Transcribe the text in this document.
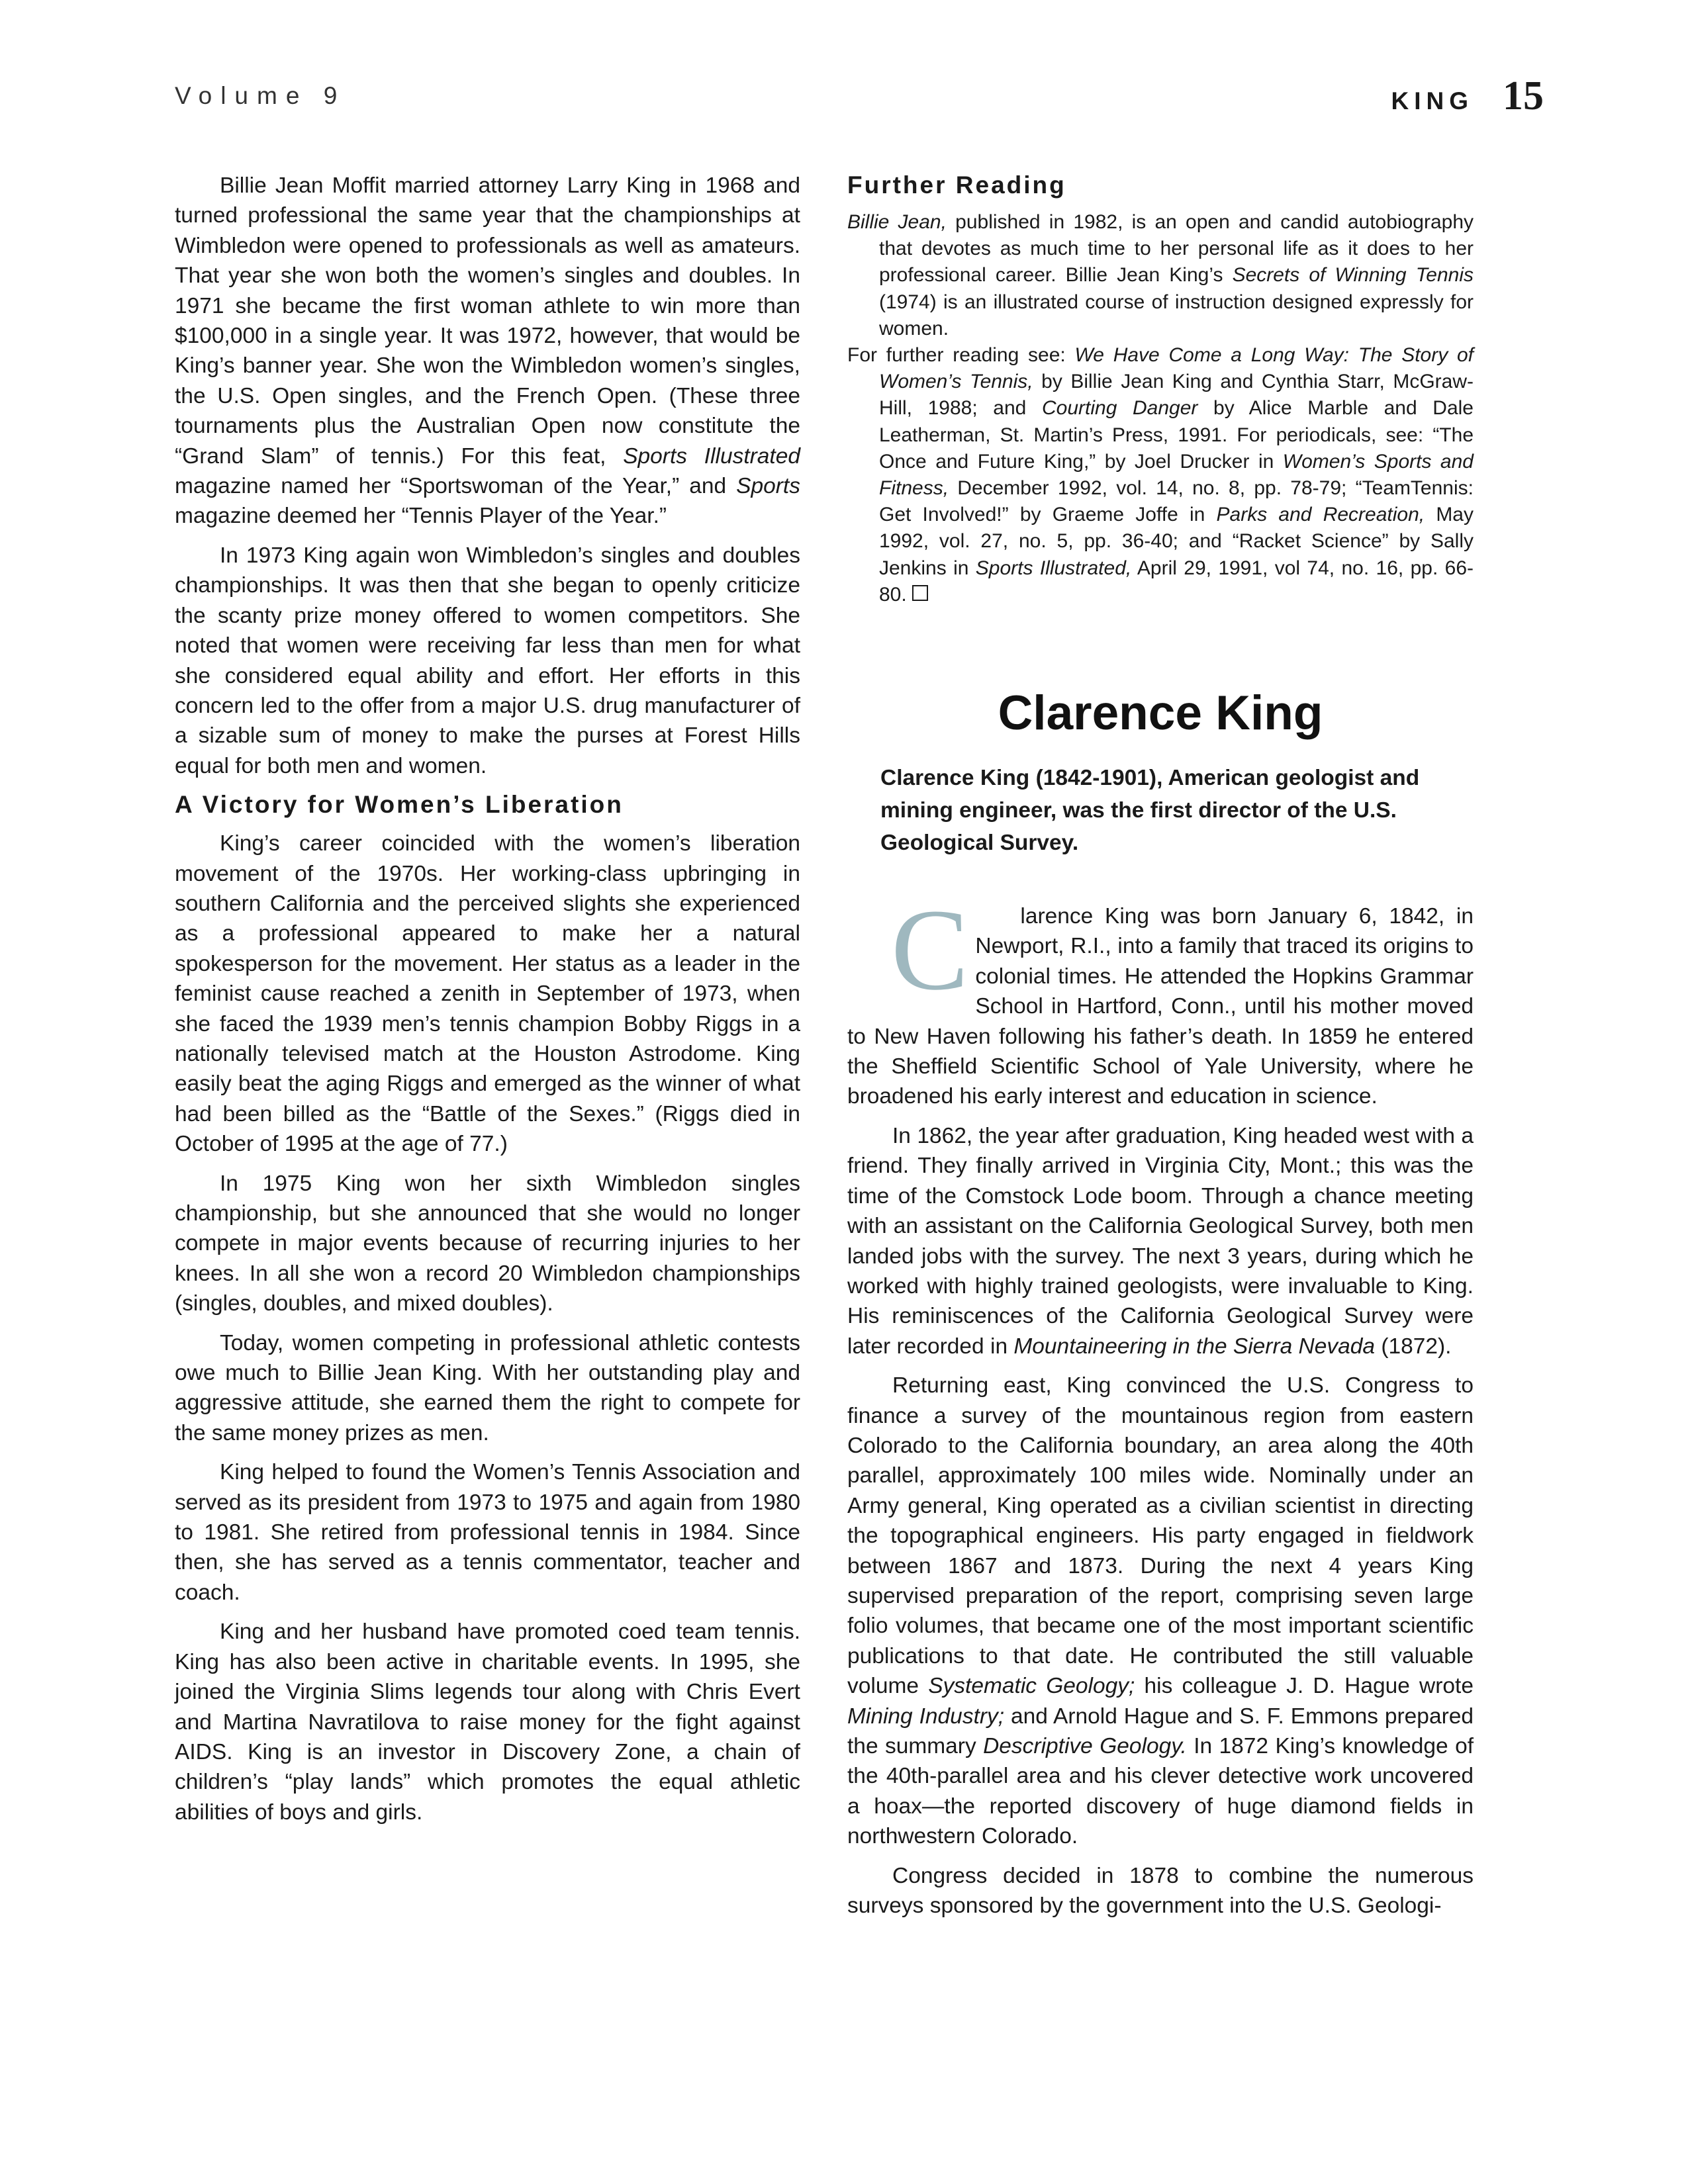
Volume 9	KING 15

Billie Jean Moffit married attorney Larry King in 1968 and turned professional the same year that the championships at Wimbledon were opened to professionals as well as amateurs. That year she won both the women’s singles and doubles. In 1971 she became the first woman athlete to win more than $100,000 in a single year. It was 1972, however, that would be King’s banner year. She won the Wimbledon women’s singles, the U.S. Open singles, and the French Open. (These three tournaments plus the Australian Open now constitute the “Grand Slam” of tennis.) For this feat, Sports Illustrated magazine named her “Sportswoman of the Year,” and Sports magazine deemed her “Tennis Player of the Year.”

In 1973 King again won Wimbledon’s singles and doubles championships. It was then that she began to openly criticize the scanty prize money offered to women competitors. She noted that women were receiving far less than men for what she considered equal ability and effort. Her efforts in this concern led to the offer from a major U.S. drug manufacturer of a sizable sum of money to make the purses at Forest Hills equal for both men and women.

A Victory for Women’s Liberation

King’s career coincided with the women’s liberation movement of the 1970s. Her working-class upbringing in southern California and the perceived slights she experienced as a professional appeared to make her a natural spokesperson for the movement. Her status as a leader in the feminist cause reached a zenith in September of 1973, when she faced the 1939 men’s tennis champion Bobby Riggs in a nationally televised match at the Houston Astrodome. King easily beat the aging Riggs and emerged as the winner of what had been billed as the “Battle of the Sexes.” (Riggs died in October of 1995 at the age of 77.)

In 1975 King won her sixth Wimbledon singles championship, but she announced that she would no longer compete in major events because of recurring injuries to her knees. In all she won a record 20 Wimbledon championships (singles, doubles, and mixed doubles).

Today, women competing in professional athletic contests owe much to Billie Jean King. With her outstanding play and aggressive attitude, she earned them the right to compete for the same money prizes as men.

King helped to found the Women’s Tennis Association and served as its president from 1973 to 1975 and again from 1980 to 1981. She retired from professional tennis in 1984. Since then, she has served as a tennis commentator, teacher and coach.

King and her husband have promoted coed team tennis. King has also been active in charitable events. In 1995, she joined the Virginia Slims legends tour along with Chris Evert and Martina Navratilova to raise money for the fight against AIDS. King is an investor in Discovery Zone, a chain of children’s “play lands” which promotes the equal athletic abilities of boys and girls.

Further Reading

Billie Jean, published in 1982, is an open and candid autobiography that devotes as much time to her personal life as it does to her professional career. Billie Jean King’s Secrets of Winning Tennis (1974) is an illustrated course of instruction designed expressly for women.

For further reading see: We Have Come a Long Way: The Story of Women’s Tennis, by Billie Jean King and Cynthia Starr, McGraw-Hill, 1988; and Courting Danger by Alice Marble and Dale Leatherman, St. Martin’s Press, 1991. For periodicals, see: “The Once and Future King,” by Joel Drucker in Women’s Sports and Fitness, December 1992, vol. 14, no. 8, pp. 78-79; “TeamTennis: Get Involved!” by Graeme Joffe in Parks and Recreation, May 1992, vol. 27, no. 5, pp. 36-40; and “Racket Science” by Sally Jenkins in Sports Illustrated, April 29, 1991, vol 74, no. 16, pp. 66-80.

Clarence King

Clarence King (1842-1901), American geologist and mining engineer, was the first director of the U.S. Geological Survey.

C larence King was born January 6, 1842, in Newport, R.I., into a family that traced its origins to colonial times. He attended the Hopkins Grammar School in Hartford, Conn., until his mother moved to New Haven following his father’s death. In 1859 he entered the Sheffield Scientific School of Yale University, where he broadened his early interest and education in science.

In 1862, the year after graduation, King headed west with a friend. They finally arrived in Virginia City, Mont.; this was the time of the Comstock Lode boom. Through a chance meeting with an assistant on the California Geological Survey, both men landed jobs with the survey. The next 3 years, during which he worked with highly trained geologists, were invaluable to King. His reminiscences of the California Geological Survey were later recorded in Mountaineering in the Sierra Nevada (1872).

Returning east, King convinced the U.S. Congress to finance a survey of the mountainous region from eastern Colorado to the California boundary, an area along the 40th parallel, approximately 100 miles wide. Nominally under an Army general, King operated as a civilian scientist in directing the topographical engineers. His party engaged in fieldwork between 1867 and 1873. During the next 4 years King supervised preparation of the report, comprising seven large folio volumes, that became one of the most important scientific publications to that date. He contributed the still valuable volume Systematic Geology; his colleague J. D. Hague wrote Mining Industry; and Arnold Hague and S. F. Emmons prepared the summary Descriptive Geology. In 1872 King’s knowledge of the 40th-parallel area and his clever detective work uncovered a hoax—the reported discovery of huge diamond fields in northwestern Colorado.

Congress decided in 1878 to combine the numerous surveys sponsored by the government into the U.S. Geologi-
